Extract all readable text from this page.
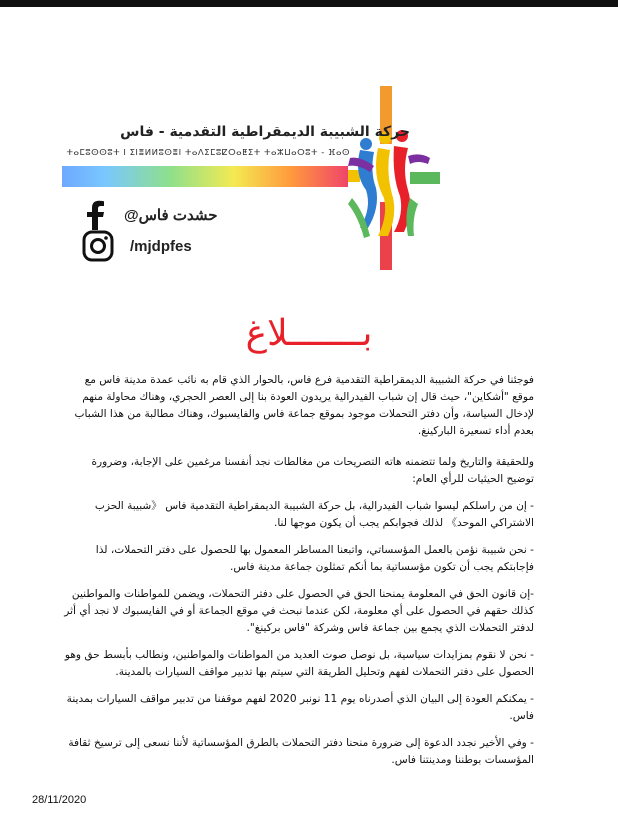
حركة الشبيبة الديمقراطية التقدمية - فاس
ⵜⴰⵎⵓⵙⵙⵓⵜ ⵏ ⵉⵏⴻⵍⵍⵓⵙⴻⵏ ⵜⴰⴷⵉⵎⵓⵇⵔⴰⵟⵉⵜ ⵜⴰⵣⵡⴰⵔⵓⵜ - ⴼⴰⵙ
حشدت فاس@
/mjdpfes
بـــــــلاغ

فوجئنا في حركة الشبيبة الديمقراطية التقدمية فرع فاس، بالحوار الذي قام به نائب عمدة مدينة فاس مع موقع "أشكاين"، حيث قال إن شباب الفيدرالية يريدون العودة بنا إلى العصر الحجري، وهناك محاولة منهم لإدخال السياسة، وأن دفتر التحملات موجود بموقع جماعة فاس والفايسبوك، وهناك مطالبة من هذا الشباب بعدم أداء تسعيرة الباركينغ.

وللحقيقة والتاريخ ولما تتضمنه هاته التصريحات من مغالطات نجد أنفسنا مرغمين على الإجابة، وضرورة توضيح الحيثيات للرأي العام:

- إن من راسلكم ليسوا شباب الفيدرالية، بل حركة الشبيبة الديمقراطية التقدمية فاس 《شبيبة الحزب الاشتراكي الموحد》 لذلك فجوابكم يجب أن يكون موجها لنا.

- نحن شبيبة نؤمن بالعمل المؤسساتي، واتبعنا المساطر المعمول بها للحصول على دفتر التحملات، لذا فإجابتكم يجب أن تكون مؤسساتية بما أنكم تمثلون جماعة مدينة فاس.

-إن قانون الحق في المعلومة يمنحنا الحق في الحصول على دفتر التحملات، ويضمن للمواطنات والمواطنين كذلك حقهم في الحصول على أي معلومة، لكن عندما نبحث في موقع الجماعة أو في الفايسبوك لا نجد أي أثر لدفتر التحملات الذي يجمع بين جماعة فاس وشركة "فاس بركينغ".

- نحن لا نقوم بمزايدات سياسية، بل نوصل صوت العديد من المواطنات والمواطنين، ونطالب بأبسط حق وهو الحصول على دفتر التحملات لفهم وتحليل الطريقة التي سيتم بها تدبير مواقف السيارات بالمدينة.

- يمكنكم العودة إلى البيان الذي أصدرناه يوم 11 نونبر 2020 لفهم موقفنا من تدبير مواقف السيارات بمدينة فاس.

- وفي الأخير نجدد الدعوة إلى ضرورة منحنا دفتر التحملات بالطرق المؤسساتية لأننا نسعى إلى ترسيخ ثقافة المؤسسات بوطننا ومدينتنا فاس.

28/11/2020
